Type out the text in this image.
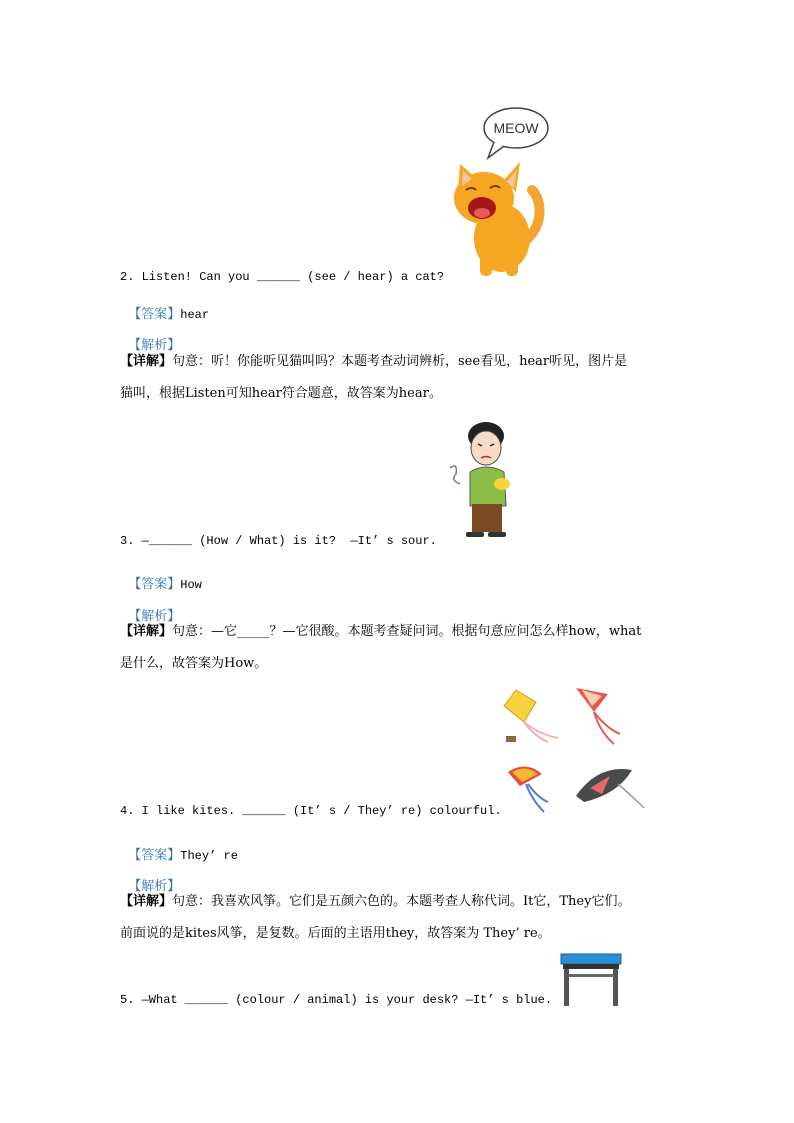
MEOW
2. Listen! Can you ______ (see / hear) a cat?

【答案】hear

【解析】

【详解】句意：听！你能听见猫叫吗？本题考查动词辨析，see看见，hear听见，图片是
猫叫，根据Listen可知hear符合题意，故答案为hear。
3. —______ (How / What) is it?  —It’ s sour.

【答案】How

【解析】

【详解】句意：—它_____？—它很酸。本题考查疑问词。根据句意应问怎么样how，what
是什么，故答案为How。
4. I like kites. ______ (It’ s / They’ re) colourful.

【答案】They’ re

【解析】

【详解】句意：我喜欢风筝。它们是五颜六色的。本题考查人称代词。It它，They它们。
前面说的是kites风筝，是复数。后面的主语用they，故答案为 They’ re。
5. —What ______ (colour / animal) is your desk? —It’ s blue.
